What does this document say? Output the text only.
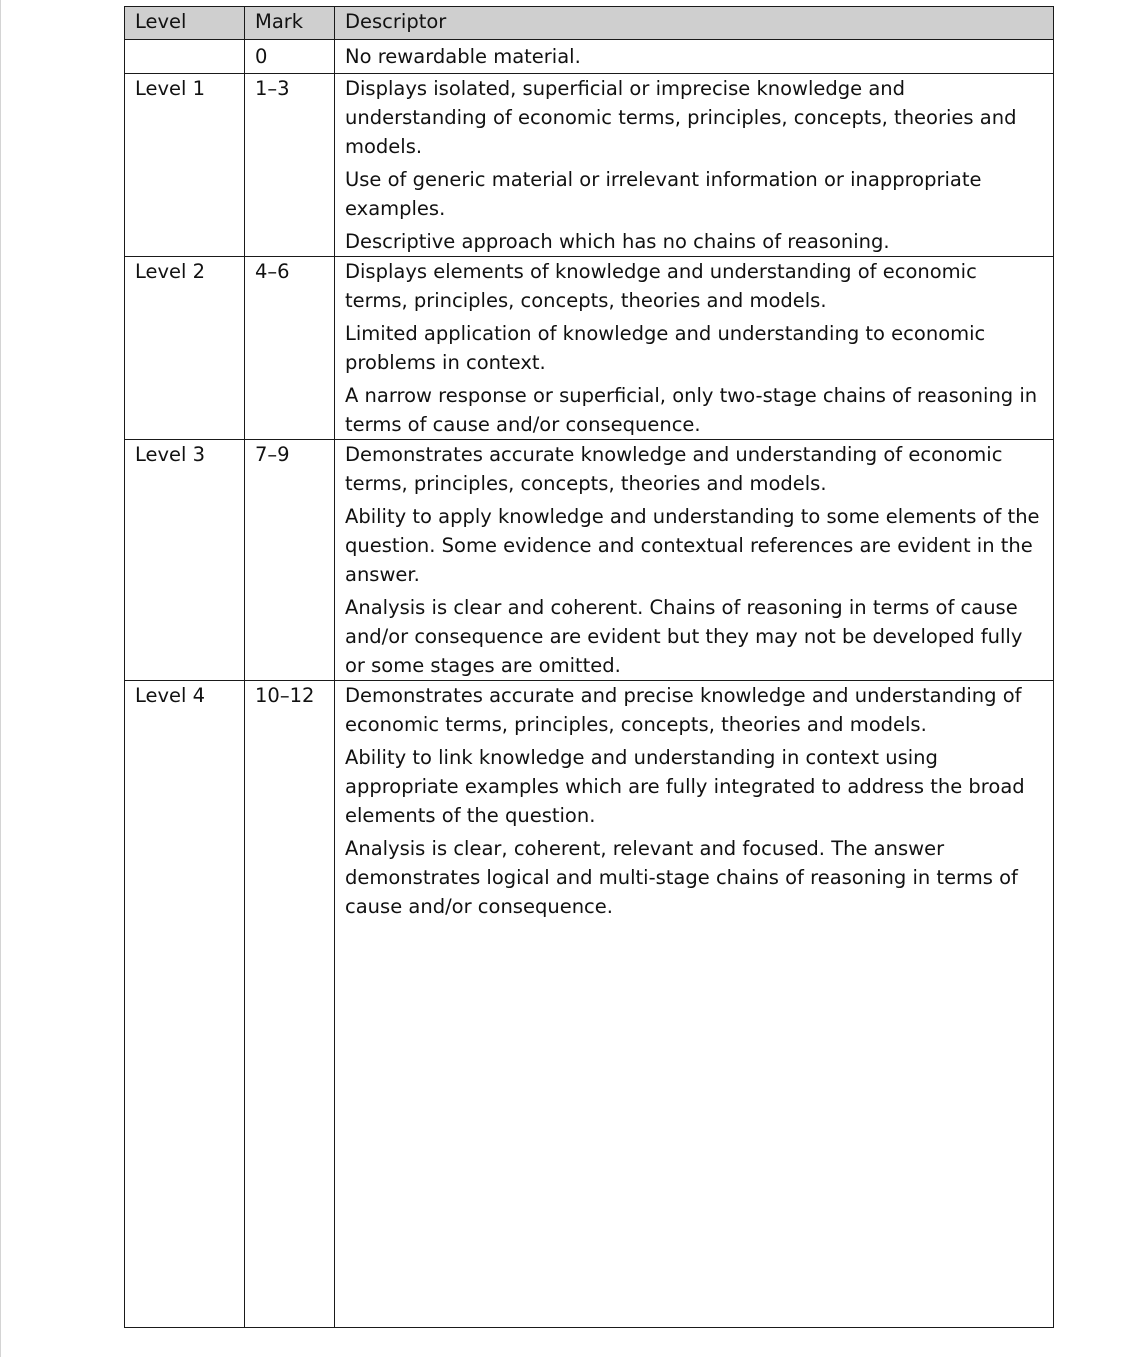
Level	Mark	Descriptor
	0	No rewardable material.

Level 1	1–3	Displays isolated, superficial or imprecise knowledge and understanding of economic terms, principles, concepts, theories and models.

Use of generic material or irrelevant information or inappropriate examples.

Descriptive approach which has no chains of reasoning.

Level 2	4–6	Displays elements of knowledge and understanding of economic terms, principles, concepts, theories and models.

Limited application of knowledge and understanding to economic problems in context.

A narrow response or superficial, only two-stage chains of reasoning in terms of cause and/or consequence.

Level 3	7–9	Demonstrates accurate knowledge and understanding of economic terms, principles, concepts, theories and models.

Ability to apply knowledge and understanding to some elements of the question. Some evidence and contextual references are evident in the answer.

Analysis is clear and coherent. Chains of reasoning in terms of cause and/or consequence are evident but they may not be developed fully or some stages are omitted.

Level 4	10–12	Demonstrates accurate and precise knowledge and understanding of economic terms, principles, concepts, theories and models.

Ability to link knowledge and understanding in context using appropriate examples which are fully integrated to address the broad elements of the question.

Analysis is clear, coherent, relevant and focused. The answer demonstrates logical and multi-stage chains of reasoning in terms of cause and/or consequence.
